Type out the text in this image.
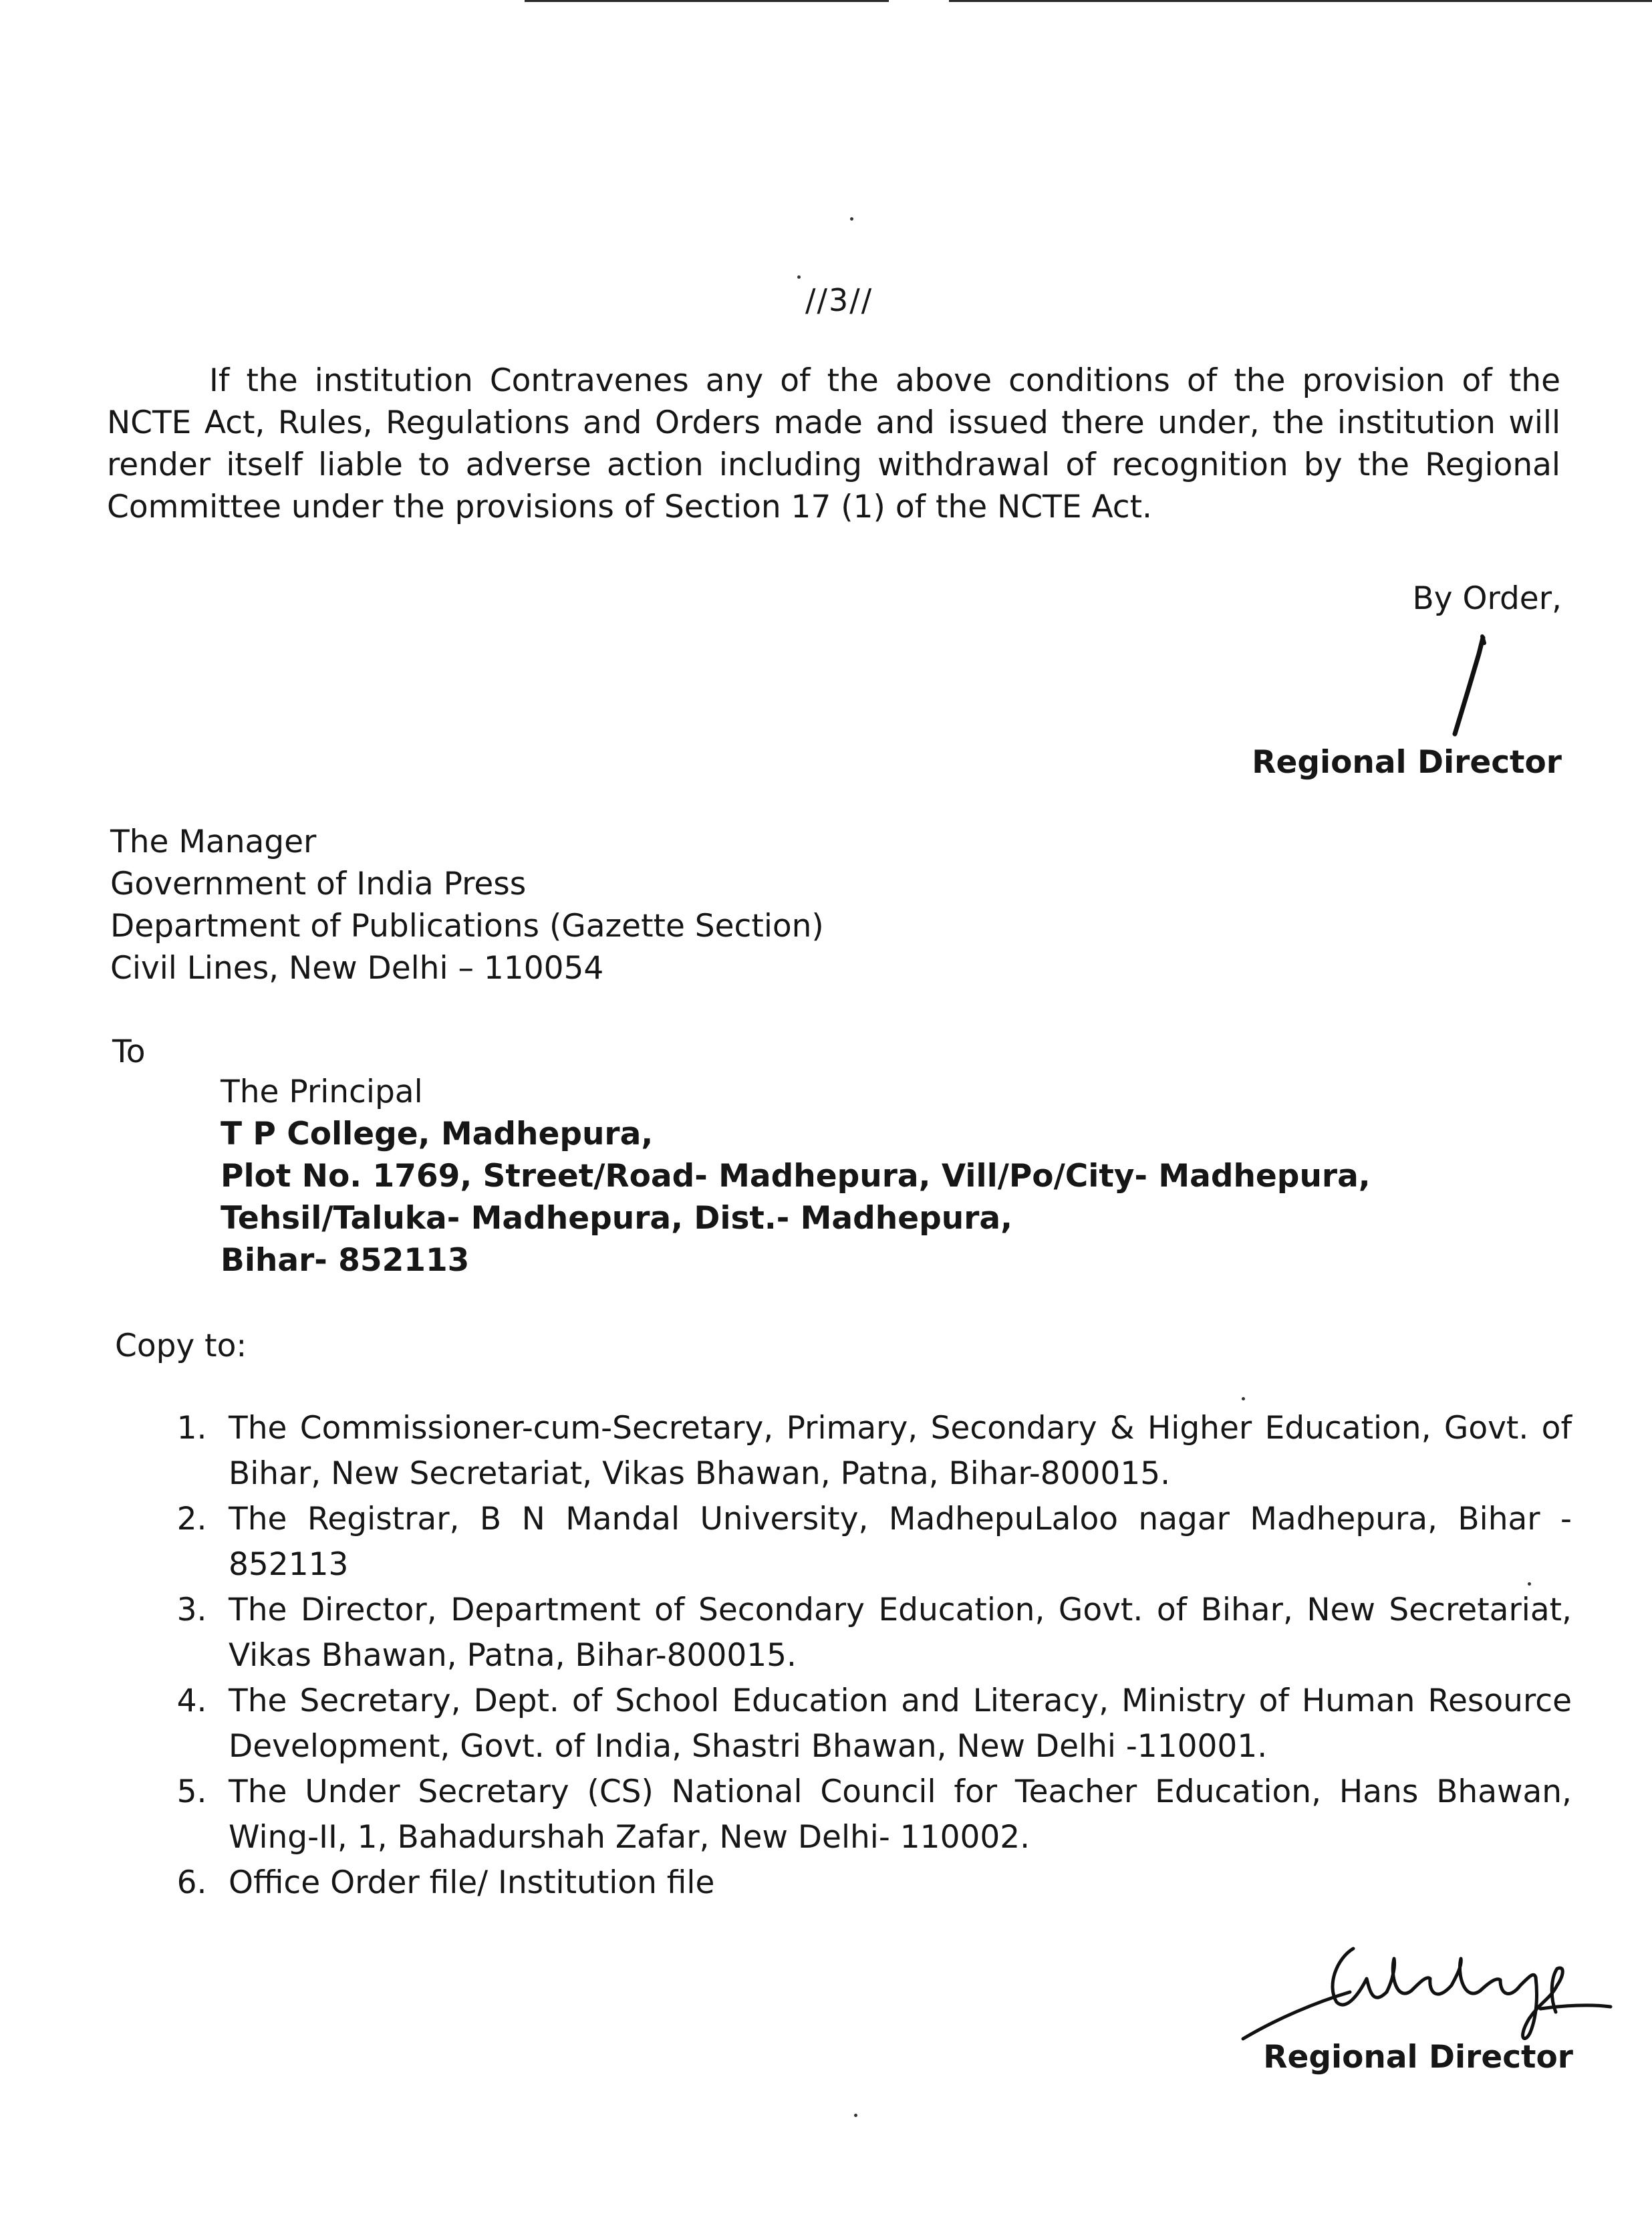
//3//

If the institution Contravenes any of the above conditions of the provision of the NCTE Act, Rules, Regulations and Orders made and issued there under, the institution will render itself liable to adverse action including withdrawal of recognition by the Regional Committee under the provisions of Section 17 (1) of the NCTE Act.

By Order,
Regional Director
The Manager
Government of India Press
Department of Publications (Gazette Section)
Civil Lines, New Delhi – 110054
To
The Principal
T P College, Madhepura,
Plot No. 1769, Street/Road- Madhepura, Vill/Po/City- Madhepura,
Tehsil/Taluka- Madhepura, Dist.- Madhepura,
Bihar- 852113
Copy to:
1. The Commissioner-cum-Secretary, Primary, Secondary & Higher Education, Govt. of Bihar, New Secretariat, Vikas Bhawan, Patna, Bihar-800015.
2. The Registrar, B N Mandal University, MadhepuLaloo nagar Madhepura, Bihar - 852113
3. The Director, Department of Secondary Education, Govt. of Bihar, New Secretariat, Vikas Bhawan, Patna, Bihar-800015.
4. The Secretary, Dept. of School Education and Literacy, Ministry of Human Resource Development, Govt. of India, Shastri Bhawan, New Delhi -110001.
5. The Under Secretary (CS) National Council for Teacher Education, Hans Bhawan, Wing-II, 1, Bahadurshah Zafar, New Delhi- 110002.
6. Office Order file/ Institution file
Regional Director
